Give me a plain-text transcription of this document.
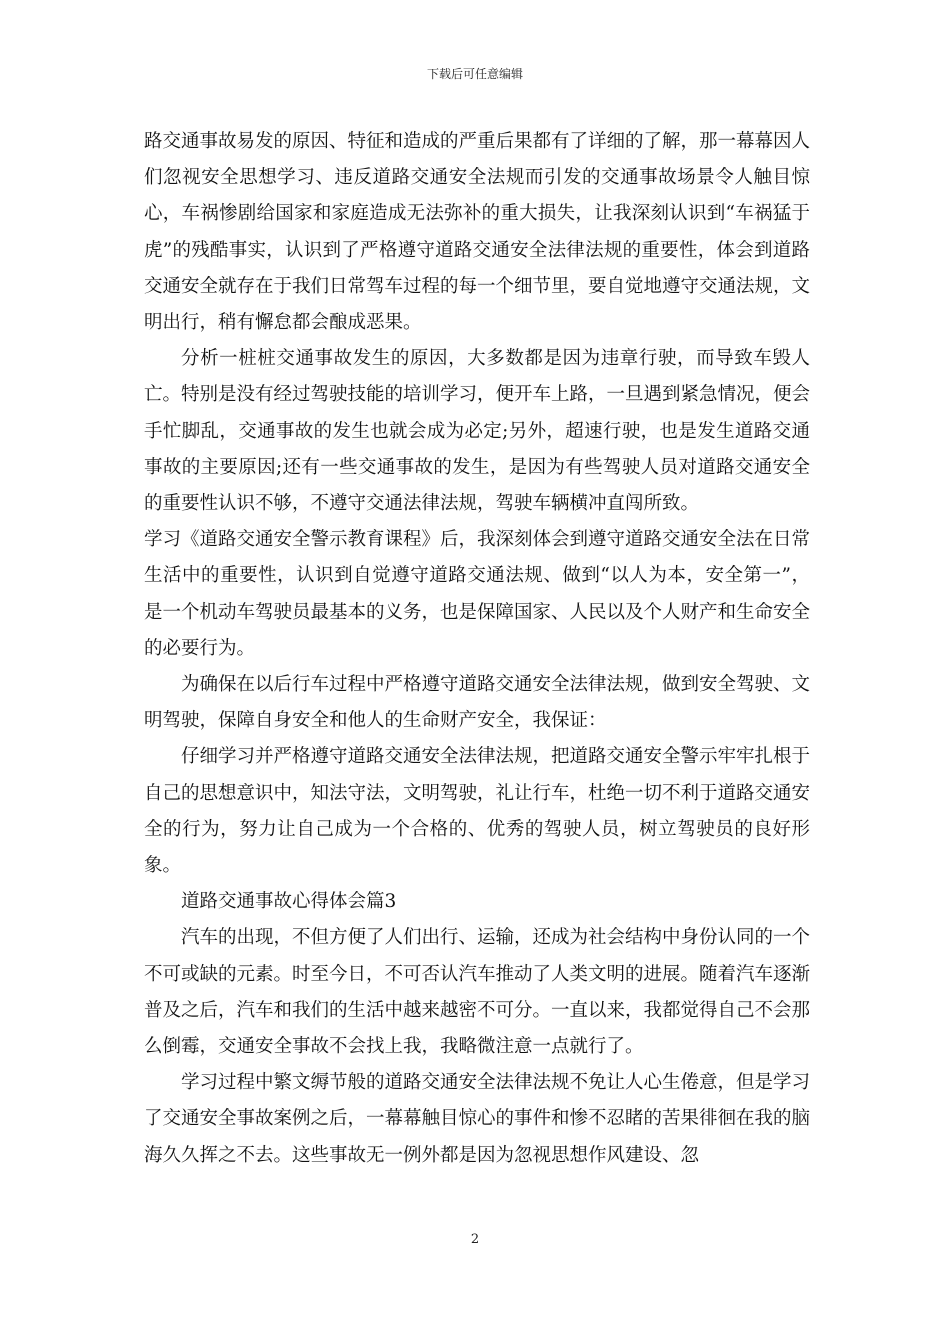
下载后可任意编辑

路交通事故易发的原因、特征和造成的严重后果都有了详细的了解，那一幕幕因人们忽视安全思想学习、违反道路交通安全法规而引发的交通事故场景令人触目惊心，车祸惨剧给国家和家庭造成无法弥补的重大损失，让我深刻认识到“车祸猛于虎”的残酷事实，认识到了严格遵守道路交通安全法律法规的重要性，体会到道路交通安全就存在于我们日常驾车过程的每一个细节里，要自觉地遵守交通法规，文明出行，稍有懈怠都会酿成恶果。

分析一桩桩交通事故发生的原因，大多数都是因为违章行驶，而导致车毁人亡。特别是没有经过驾驶技能的培训学习，便开车上路，一旦遇到紧急情况，便会手忙脚乱，交通事故的发生也就会成为必定;另外，超速行驶，也是发生道路交通事故的主要原因;还有一些交通事故的发生，是因为有些驾驶人员对道路交通安全的重要性认识不够，不遵守交通法律法规，驾驶车辆横冲直闯所致。

学习《道路交通安全警示教育课程》后，我深刻体会到遵守道路交通安全法在日常生活中的重要性，认识到自觉遵守道路交通法规、做到“以人为本，安全第一”，是一个机动车驾驶员最基本的义务，也是保障国家、人民以及个人财产和生命安全的必要行为。

为确保在以后行车过程中严格遵守道路交通安全法律法规，做到安全驾驶、文明驾驶，保障自身安全和他人的生命财产安全，我保证：

仔细学习并严格遵守道路交通安全法律法规，把道路交通安全警示牢牢扎根于自己的思想意识中，知法守法，文明驾驶，礼让行车，杜绝一切不利于道路交通安全的行为，努力让自己成为一个合格的、优秀的驾驶人员，树立驾驶员的良好形象。

道路交通事故心得体会篇3

汽车的出现，不但方便了人们出行、运输，还成为社会结构中身份认同的一个不可或缺的元素。时至今日，不可否认汽车推动了人类文明的进展。随着汽车逐渐普及之后，汽车和我们的生活中越来越密不可分。一直以来，我都觉得自己不会那么倒霉，交通安全事故不会找上我，我略微注意一点就行了。

学习过程中繁文缛节般的道路交通安全法律法规不免让人心生倦意，但是学习了交通安全事故案例之后，一幕幕触目惊心的事件和惨不忍睹的苦果徘徊在我的脑海久久挥之不去。这些事故无一例外都是因为忽视思想作风建设、忽

2
